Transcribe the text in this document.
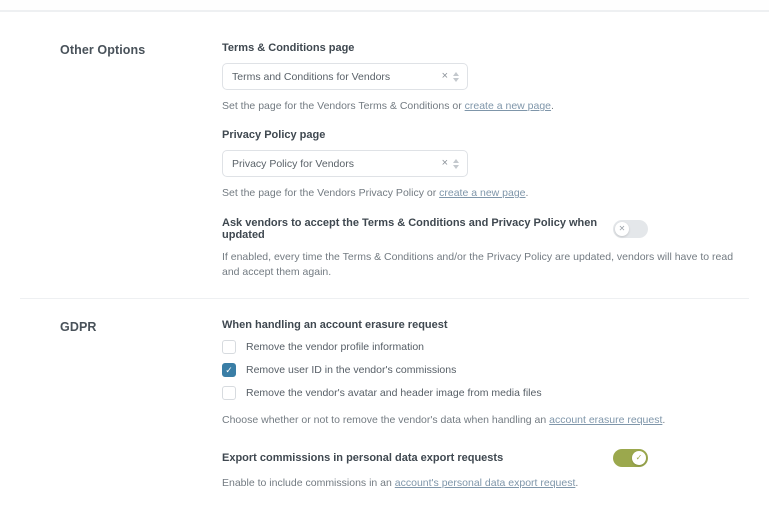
Other Options	Terms & Conditions page
Terms and Conditions for Vendors	×
Set the page for the Vendors Terms & Conditions or create a new page.
Privacy Policy page
Privacy Policy for Vendors	×
Set the page for the Vendors Privacy Policy or create a new page.
Ask vendors to accept the Terms & Conditions and Privacy Policy when updated
✕
If enabled, every time the Terms & Conditions and/or the Privacy Policy are updated, vendors will have to read and accept them again.
GDPR	When handling an account erasure request
Remove the vendor profile information
✓ Remove user ID in the vendor's commissions
Remove the vendor's avatar and header image from media files
Choose whether or not to remove the vendor's data when handling an account erasure request.
Export commissions in personal data export requests	✓
Enable to include commissions in an account's personal data export request.
